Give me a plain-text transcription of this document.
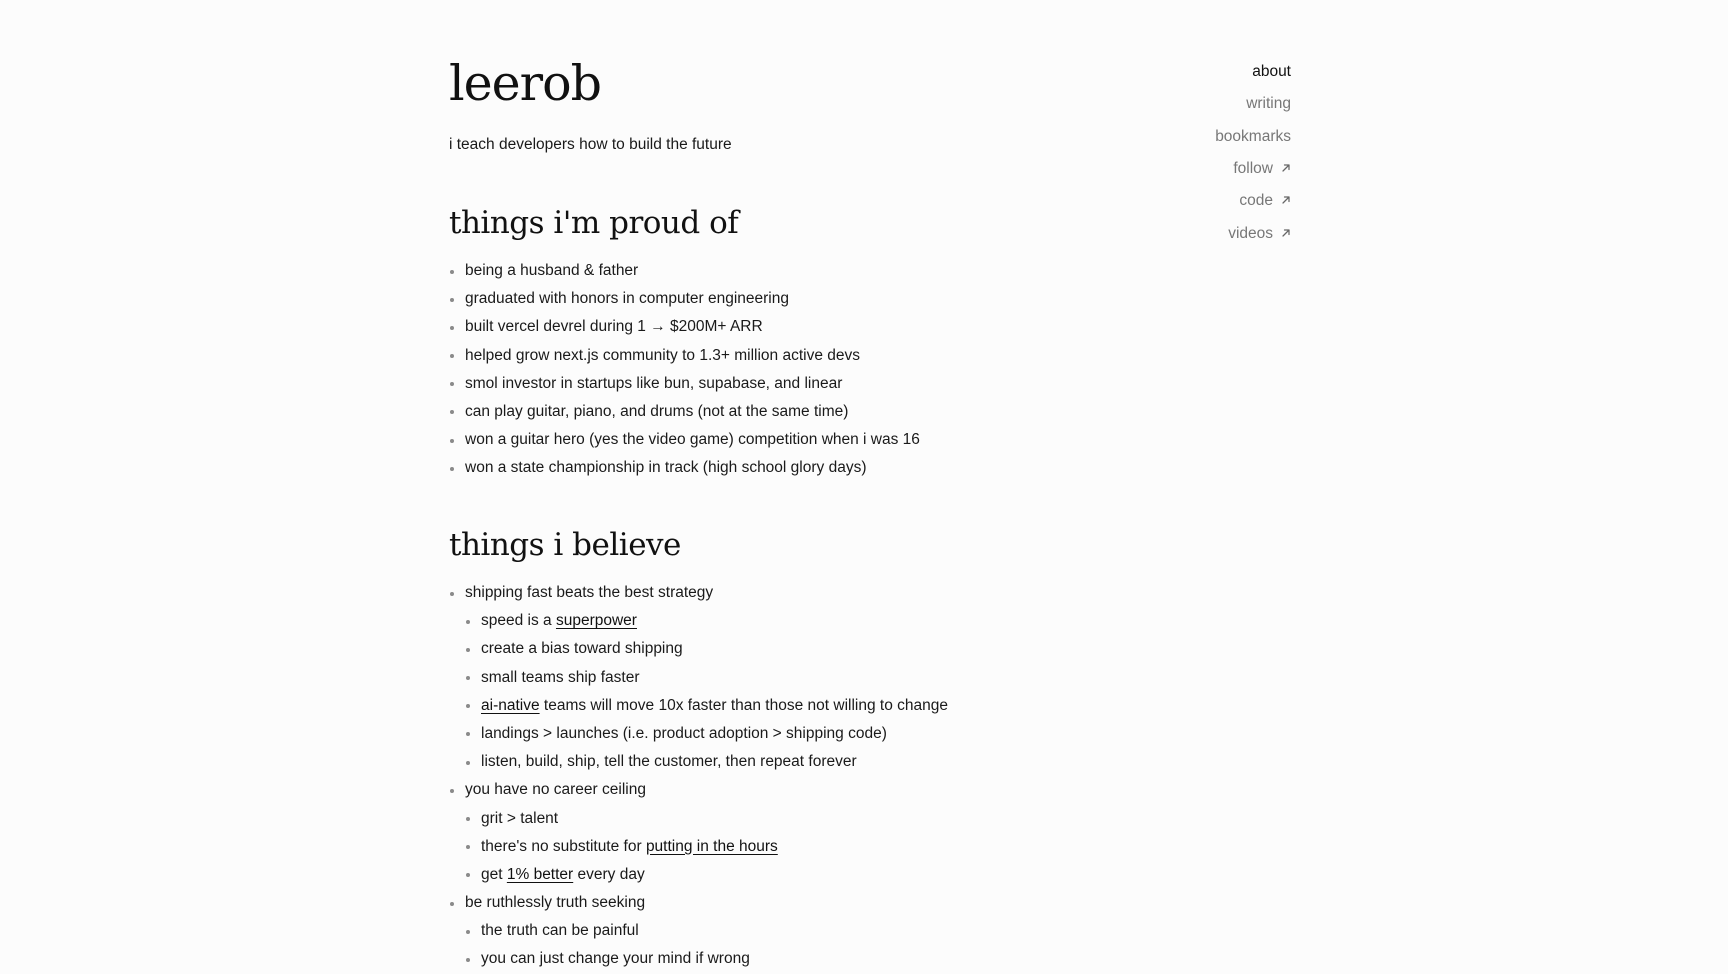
leerob

i teach developers how to build the future

things i'm proud of
being a husband & father
graduated with honors in computer engineering
built vercel devrel during 1 → $200M+ ARR
helped grow next.js community to 1.3+ million active devs
smol investor in startups like bun, supabase, and linear
can play guitar, piano, and drums (not at the same time)
won a guitar hero (yes the video game) competition when i was 16
won a state championship in track (high school glory days)
things i believe
shipping fast beats the best strategy
speed is a superpower
create a bias toward shipping
small teams ship faster
ai-native teams will move 10x faster than those not willing to change
landings > launches (i.e. product adoption > shipping code)
listen, build, ship, tell the customer, then repeat forever
you have no career ceiling
grit > talent
there's no substitute for putting in the hours
get 1% better every day
be ruthlessly truth seeking
the truth can be painful
you can just change your mind if wrong
about
writing
bookmarks
follow
code
videos
